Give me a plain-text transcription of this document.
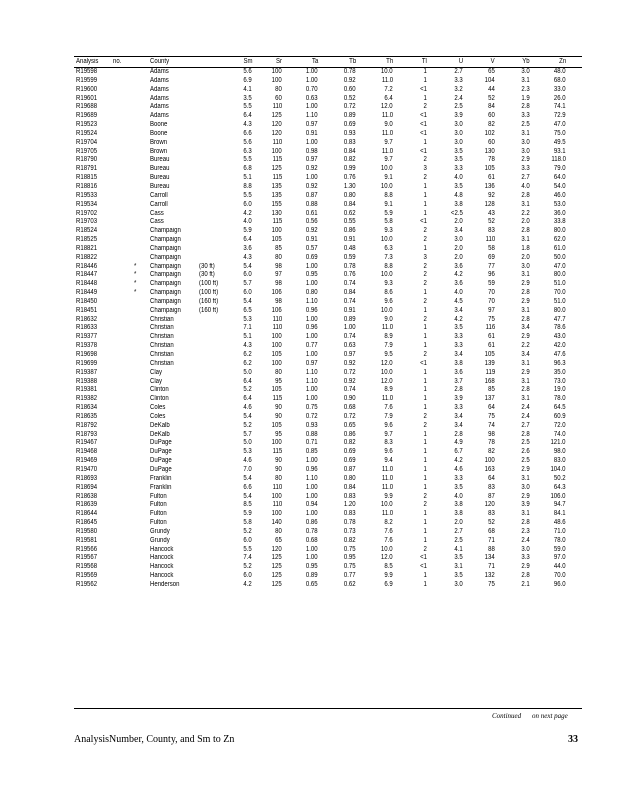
Analysis no.	County	Sm	Sr	Ta	Tb	Th	Tl	U	V	Yb	Zn
R19598	Adams	5.6	100	1.00	0.78	10.0	1	2.7	65	3.0	48.0
R19599	Adams	6.9	100	1.00	0.92	11.0	1	3.3	104	3.1	68.0
R19600	Adams	4.1	80	0.70	0.60	7.2	<1	3.2	44	2.3	33.0
R19601	Adams	3.5	60	0.63	0.52	6.4	1	2.4	52	1.9	26.0
R19688	Adams	5.5	110	1.00	0.72	12.0	2	2.5	84	2.8	74.1
R19689	Adams	6.4	125	1.10	0.89	11.0	<1	3.9	60	3.3	72.9
R19523	Boone	4.3	120	0.97	0.69	9.0	<1	3.0	82	2.5	47.0
R19524	Boone	6.6	120	0.91	0.93	11.0	<1	3.0	102	3.1	75.0
R19704	Brown	5.6	110	1.00	0.83	9.7	1	3.0	60	3.0	49.5
R19705	Brown	6.3	100	0.98	0.84	11.0	<1	3.5	130	3.0	93.1
R18790	Bureau	5.5	115	0.97	0.82	9.7	2	3.5	78	2.9	118.0
R18791	Bureau	6.8	125	0.92	0.99	10.0	3	3.3	105	3.3	79.0
R18815	Bureau	5.1	115	1.00	0.76	9.1	2	4.0	61	2.7	64.0
R18816	Bureau	8.8	135	0.92	1.30	10.0	1	3.5	136	4.0	54.0
R19533	Carroll	5.5	135	0.87	0.80	8.8	1	4.8	92	2.8	46.0
R19534	Carroll	6.0	155	0.88	0.84	9.1	1	3.8	128	3.1	53.0
R19702	Cass	4.2	130	0.61	0.62	5.9	1	<2.5	43	2.2	36.0
R19703	Cass	4.0	115	0.56	0.55	5.8	<1	2.0	52	2.0	33.8
R18524	Champaign	5.9	100	0.92	0.86	9.3	2	3.4	83	2.8	80.0
R18525	Champaign	6.4	105	0.91	0.91	10.0	2	3.0	110	3.1	62.0
R18821	Champaign	3.6	85	0.57	0.48	6.3	1	2.0	58	1.8	61.0
R18822	Champaign	4.3	80	0.69	0.59	7.3	3	2.0	69	2.0	50.0
R18446	* Champaign	(30 ft)	5.4	98	1.00	0.78	8.8	2	3.6	77	3.0	47.0
R18447	* Champaign	(30 ft)	6.0	97	0.95	0.76	10.0	2	4.2	96	3.1	80.0
R18448	* Champaign	(100 ft)	5.7	98	1.00	0.74	9.3	2	3.6	59	2.9	51.0
R18449	* Champaign	(100 ft)	6.0	106	0.80	0.84	8.6	1	4.0	70	2.8	70.0
R18450	Champaign	(160 ft)	5.4	98	1.10	0.74	9.6	2	4.5	70	2.9	51.0
R18451	Champaign	(160 ft)	6.5	106	0.96	0.91	10.0	1	3.4	97	3.1	80.0
R18632	Christian	5.3	110	1.00	0.89	9.0	2	4.2	75	2.8	47.7
R18633	Christian	7.1	110	0.96	1.00	11.0	1	3.5	116	3.4	78.6
R19377	Christian	5.1	100	1.00	0.74	8.9	1	3.3	61	2.9	43.0
R19378	Christian	4.3	100	0.77	0.63	7.9	1	3.3	61	2.2	42.0
R19698	Christian	6.2	105	1.00	0.97	9.5	2	3.4	105	3.4	47.6
R19699	Christian	6.2	100	0.97	0.92	12.0	<1	3.8	139	3.1	96.3
R19387	Clay	5.0	80	1.10	0.72	10.0	1	3.6	119	2.9	35.0
R19388	Clay	6.4	95	1.10	0.92	12.0	1	3.7	168	3.1	73.0
R19381	Clinton	5.2	105	1.00	0.74	8.9	1	2.8	85	2.8	19.0
R19382	Clinton	6.4	115	1.00	0.90	11.0	1	3.9	137	3.1	78.0
R18634	Coles	4.6	90	0.75	0.68	7.6	1	3.3	64	2.4	64.5
R18635	Coles	5.4	90	0.72	0.72	7.9	2	3.4	75	2.4	60.9
R18792	DeKalb	5.2	105	0.93	0.65	9.6	2	3.4	74	2.7	72.0
R18793	DeKalb	5.7	95	0.88	0.86	9.7	1	2.8	98	2.8	74.0
R19467	DuPage	5.0	100	0.71	0.82	8.3	1	4.9	78	2.5	121.0
R19468	DuPage	5.3	115	0.85	0.69	9.6	1	6.7	82	2.6	98.0
R19469	DuPage	4.6	90	1.00	0.69	9.4	1	4.2	100	2.5	83.0
R19470	DuPage	7.0	90	0.96	0.87	11.0	1	4.6	163	2.9	104.0
R18693	Franklin	5.4	80	1.10	0.80	11.0	1	3.3	64	3.1	50.2
R18694	Franklin	6.6	110	1.00	0.84	11.0	1	3.5	83	3.0	64.3
R18638	Fulton	5.4	100	1.00	0.83	9.9	2	4.0	87	2.9	106.0
R18639	Fulton	8.5	110	0.94	1.20	10.0	2	3.8	120	3.9	94.7
R18644	Fulton	5.9	100	1.00	0.83	11.0	1	3.8	83	3.1	84.1
R18645	Fulton	5.8	140	0.86	0.78	8.2	1	2.0	52	2.8	48.6
R19580	Grundy	5.2	80	0.78	0.73	7.6	1	2.7	68	2.3	71.0
R19581	Grundy	6.0	65	0.68	0.82	7.6	1	2.5	71	2.4	78.0
R19566	Hancock	5.5	120	1.00	0.75	10.0	2	4.1	88	3.0	59.0
R19567	Hancock	7.4	125	1.00	0.95	12.0	<1	3.5	134	3.3	97.0
R19568	Hancock	5.2	125	0.95	0.75	8.5	<1	3.1	71	2.9	44.0
R19569	Hancock	6.0	125	0.89	0.77	9.9	1	3.5	132	2.8	70.0
R19562	Henderson	4.2	125	0.65	0.62	6.9	1	3.0	75	2.1	96.0
Continued on next page
AnalysisNumber, County, and Sm to Zn	33
